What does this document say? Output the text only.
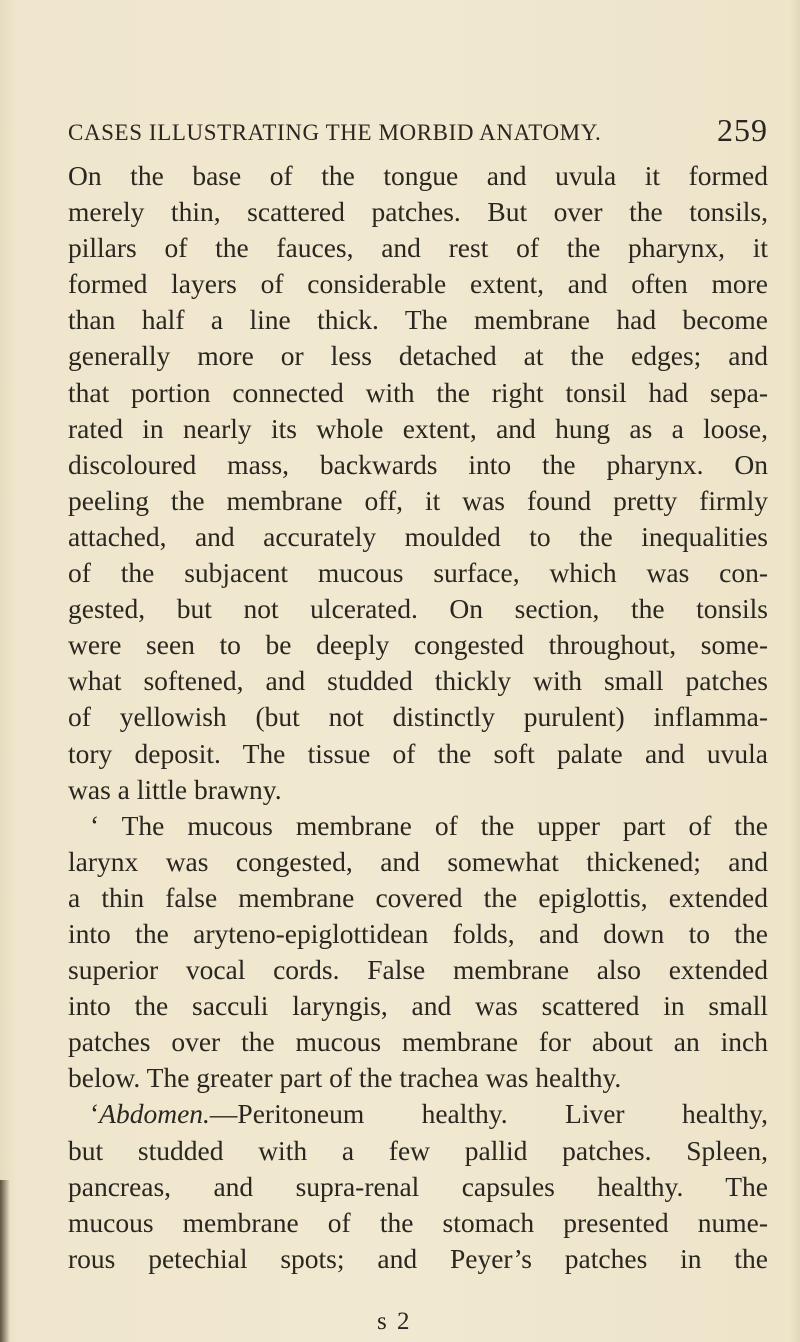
CASES ILLUSTRATING THE MORBID ANATOMY.	259
On the base of the tongue and uvula it formed
merely thin, scattered patches. But over the tonsils,
pillars of the fauces, and rest of the pharynx, it
formed layers of considerable extent, and often more
than half a line thick. The membrane had become
generally more or less detached at the edges; and
that portion connected with the right tonsil had sepa-
rated in nearly its whole extent, and hung as a loose,
discoloured mass, backwards into the pharynx. On
peeling the membrane off, it was found pretty firmly
attached, and accurately moulded to the inequalities
of the subjacent mucous surface, which was con-
gested, but not ulcerated. On section, the tonsils
were seen to be deeply congested throughout, some-
what softened, and studded thickly with small patches
of yellowish (but not distinctly purulent) inflamma-
tory deposit. The tissue of the soft palate and uvula
was a little brawny.
‘ The mucous membrane of the upper part of the
larynx was congested, and somewhat thickened; and
a thin false membrane covered the epiglottis, extended
into the aryteno-epiglottidean folds, and down to the
superior vocal cords. False membrane also extended
into the sacculi laryngis, and was scattered in small
patches over the mucous membrane for about an inch
below. The greater part of the trachea was healthy.
‘Abdomen.—Peritoneum healthy. Liver healthy,
but studded with a few pallid patches. Spleen,
pancreas, and supra-renal capsules healthy. The
mucous membrane of the stomach presented nume-
rous petechial spots; and Peyer’s patches in the
s 2
